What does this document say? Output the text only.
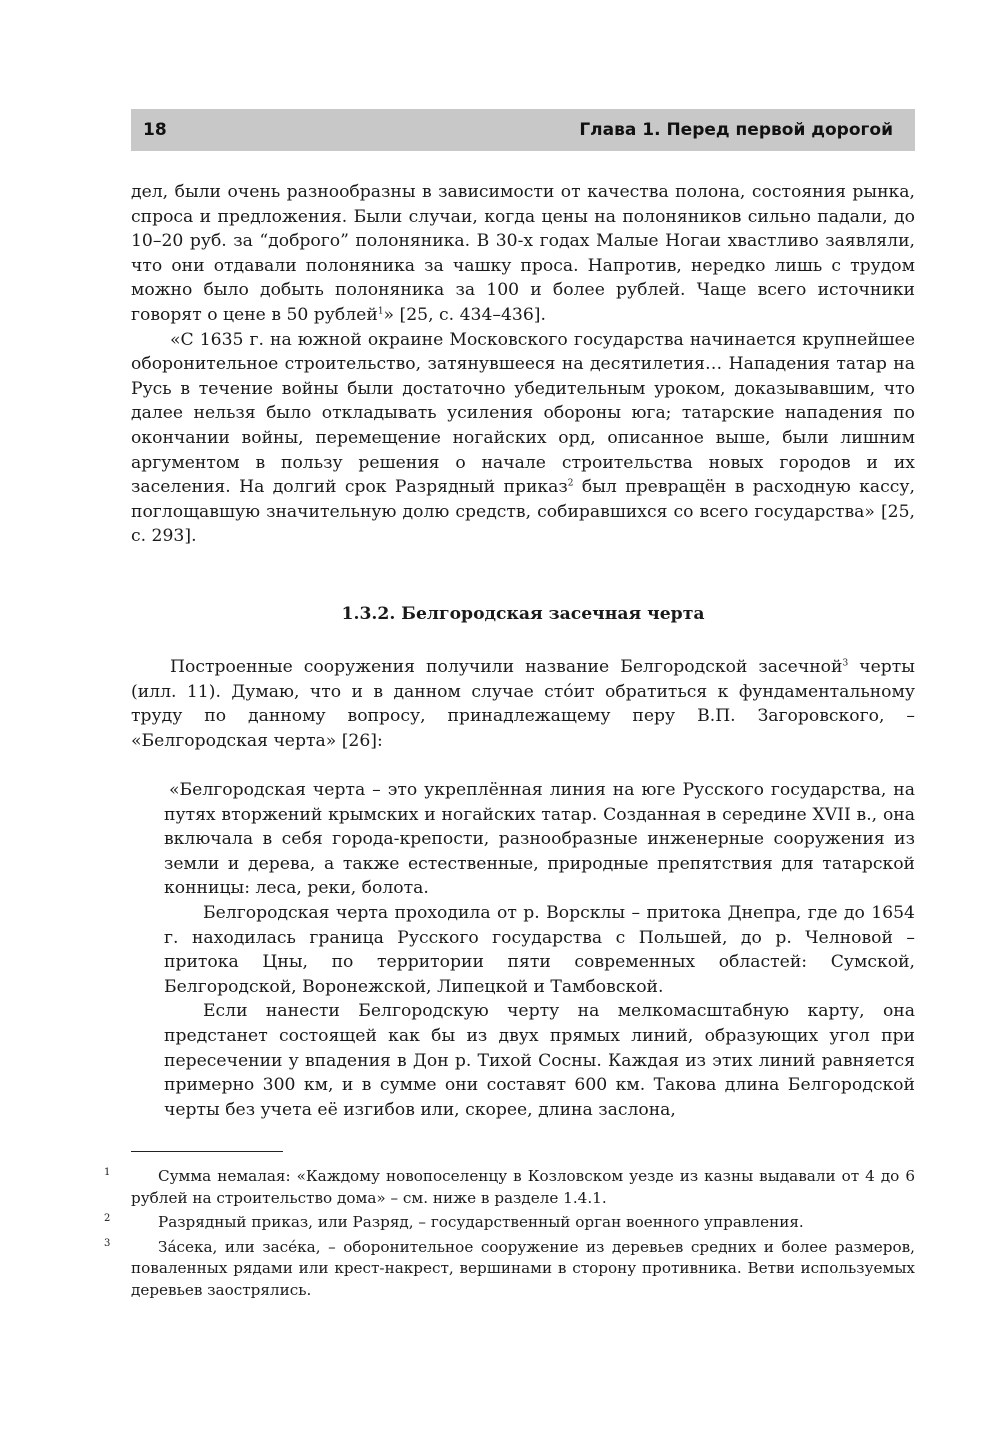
18	Глава 1. Перед первой дорогой

дел, были очень разнообразны в зависимости от качества полона, состояния рынка, спроса и предложения. Были случаи, когда цены на полоняников сильно падали, до 10–20 руб. за “доброго” полоняника. В 30-х годах Малые Ногаи хвастливо заявляли, что они отдавали полоняника за чашку проса. Напротив, нередко лишь с трудом можно было добыть полоняника за 100 и более рублей. Чаще всего источники говорят о цене в 50 рублей$^1$» [25, с. 434–436].

«С 1635 г. на южной окраине Московского государства начинается крупнейшее оборонительное строительство, затянувшееся на десятилетия… Нападения татар на Русь в течение войны были достаточно убедительным уроком, доказывавшим, что далее нельзя было откладывать усиления обороны юга; татарские нападения по окончании войны, перемещение ногайских орд, описанное выше, были лишним аргументом в пользу решения о начале строительства новых городов и их заселения. На долгий срок Разрядный приказ$^2$ был превращён в расходную кассу, поглощавшую значительную долю средств, собиравшихся со всего государства» [25, с. 293].

1.3.2. Белгородская засечная черта

Построенные сооружения получили название Белгородской засечной$^3$ черты (илл. 11). Думаю, что и в данном случае стóит обратиться к фундаментальному труду по данному вопросу, принадлежащему перу В.П. Загоровского, – «Белгородская черта» [26]:

«Белгородская черта – это укреплённая линия на юге Русского государства, на путях вторжений крымских и ногайских татар. Созданная в середине XVII в., она включала в себя города-крепости, разнообразные инженерные сооружения из земли и дерева, а также естественные, природные препятствия для татарской конницы: леса, реки, болота.

Белгородская черта проходила от р. Ворсклы – притока Днепра, где до 1654 г. находилась граница Русского государства с Польшей, до р. Челновой – притока Цны, по территории пяти современных областей: Сумской, Белгородской, Воронежской, Липецкой и Тамбовской.

Если нанести Белгородскую черту на мелкомасштабную карту, она предстанет состоящей как бы из двух прямых линий, образующих угол при пересечении у впадения в Дон р. Тихой Сосны. Каждая из этих линий равняется примерно 300 км, и в сумме они составят 600 км. Такова длина Белгородской черты без учета её изгибов или, скорее, длина заслона,

1	Сумма немалая: «Каждому новопоселенцу в Козловском уезде из казны выдавали от 4 до 6 рублей на строительство дома» – см. ниже в разделе 1.4.1.

2	Разрядный приказ, или Разряд, – государственный орган военного управления.

3	За́сека, или засе́ка, – оборонительное сооружение из деревьев средних и более размеров, поваленных рядами или крест-накрест, вершинами в сторону противника. Ветви используемых деревьев заострялись.
